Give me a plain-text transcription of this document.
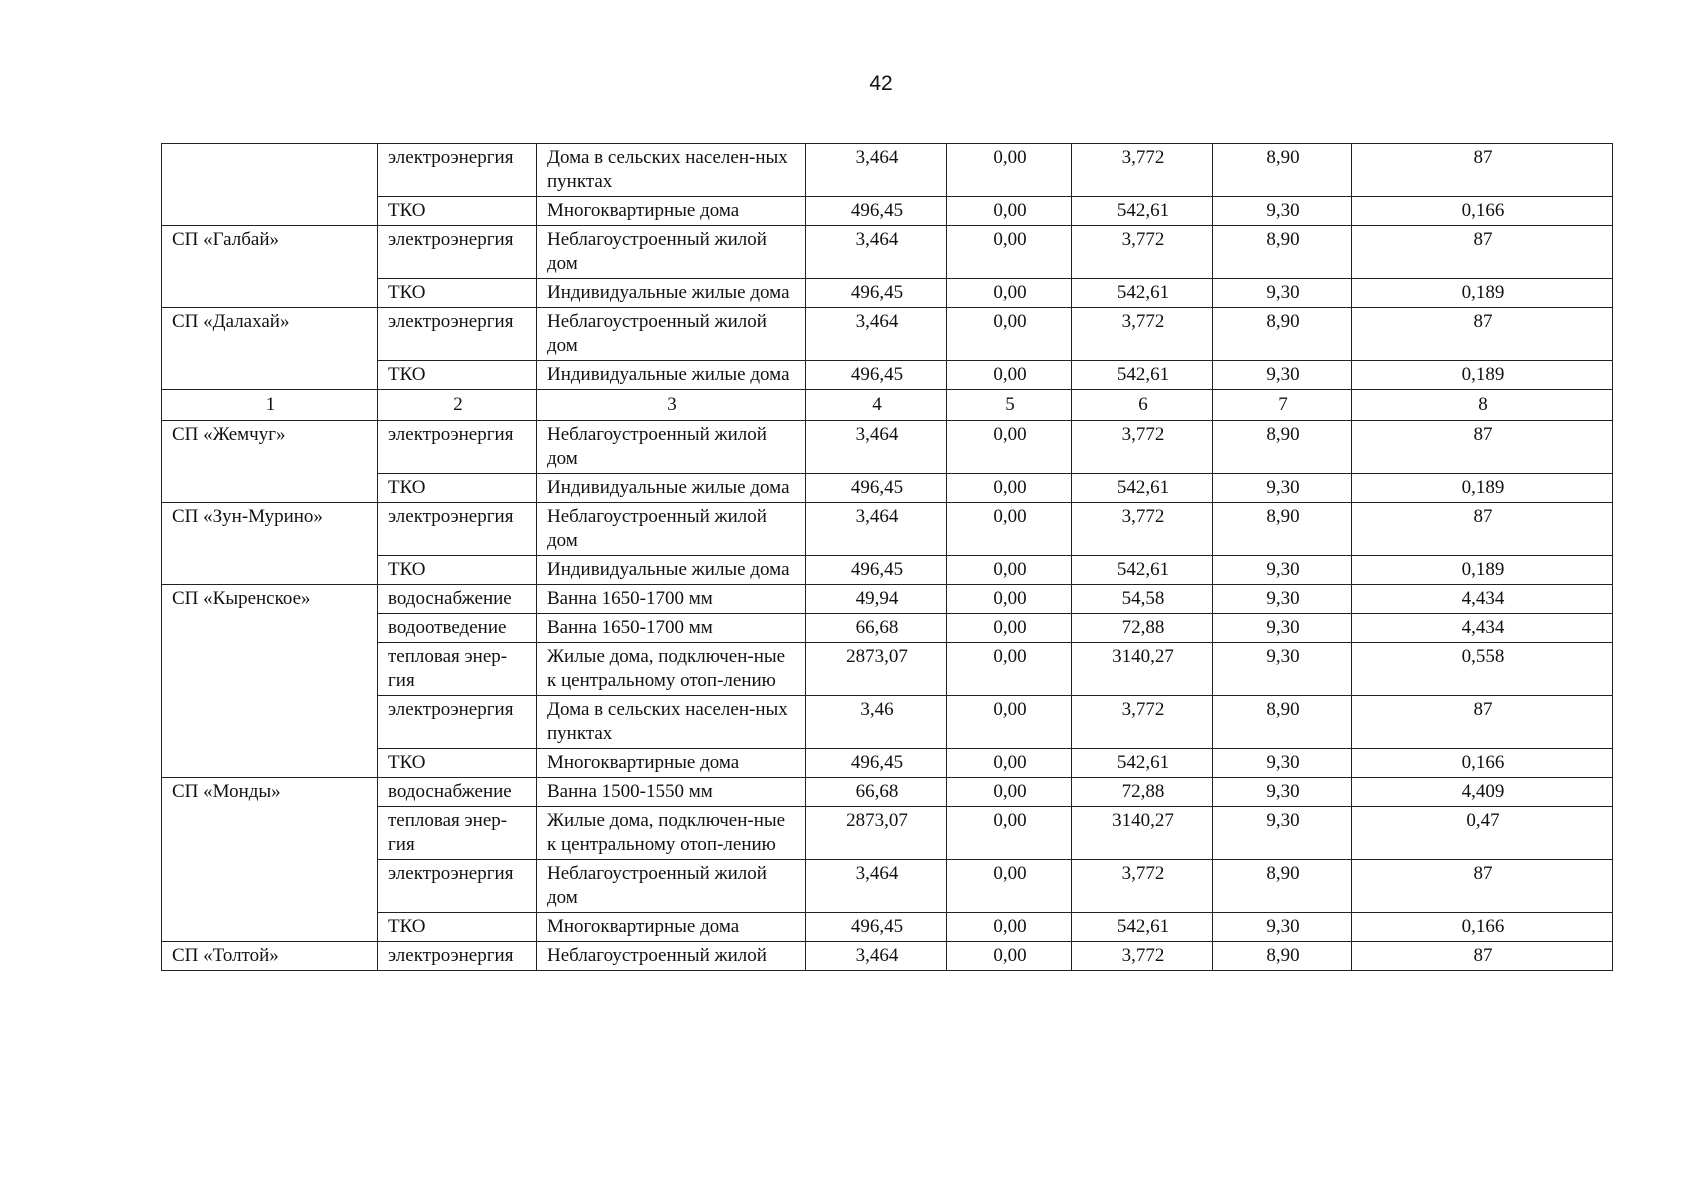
42
	электроэнергия	Дома в сельских населен-ных пунктах	3,464	0,00	3,772	8,90	87
	ТКО	Многоквартирные дома	496,45	0,00	542,61	9,30	0,166
СП «Галбай»	электроэнергия	Неблагоустроенный жилой дом	3,464	0,00	3,772	8,90	87
	ТКО	Индивидуальные жилые дома	496,45	0,00	542,61	9,30	0,189
СП «Далахай»	электроэнергия	Неблагоустроенный жилой дом	3,464	0,00	3,772	8,90	87
	ТКО	Индивидуальные жилые дома	496,45	0,00	542,61	9,30	0,189
1	2	3	4	5	6	7	8
СП «Жемчуг»	электроэнергия	Неблагоустроенный жилой дом	3,464	0,00	3,772	8,90	87
	ТКО	Индивидуальные жилые дома	496,45	0,00	542,61	9,30	0,189
СП «Зун-Мурино»	электроэнергия	Неблагоустроенный жилой дом	3,464	0,00	3,772	8,90	87
	ТКО	Индивидуальные жилые дома	496,45	0,00	542,61	9,30	0,189
СП «Кыренское»	водоснабжение	Ванна 1650-1700 мм	49,94	0,00	54,58	9,30	4,434
	водоотведение	Ванна 1650-1700 мм	66,68	0,00	72,88	9,30	4,434
	тепловая энер-гия	Жилые дома, подключен-ные к центральному отоп-лению	2873,07	0,00	3140,27	9,30	0,558
	электроэнергия	Дома в сельских населен-ных пунктах	3,46	0,00	3,772	8,90	87
	ТКО	Многоквартирные дома	496,45	0,00	542,61	9,30	0,166
СП «Монды»	водоснабжение	Ванна 1500-1550 мм	66,68	0,00	72,88	9,30	4,409
	тепловая энер-гия	Жилые дома, подключен-ные к центральному отоп-лению	2873,07	0,00	3140,27	9,30	0,47
	электроэнергия	Неблагоустроенный жилой дом	3,464	0,00	3,772	8,90	87
	ТКО	Многоквартирные дома	496,45	0,00	542,61	9,30	0,166
СП «Толтой»	электроэнергия	Неблагоустроенный жилой	3,464	0,00	3,772	8,90	87
